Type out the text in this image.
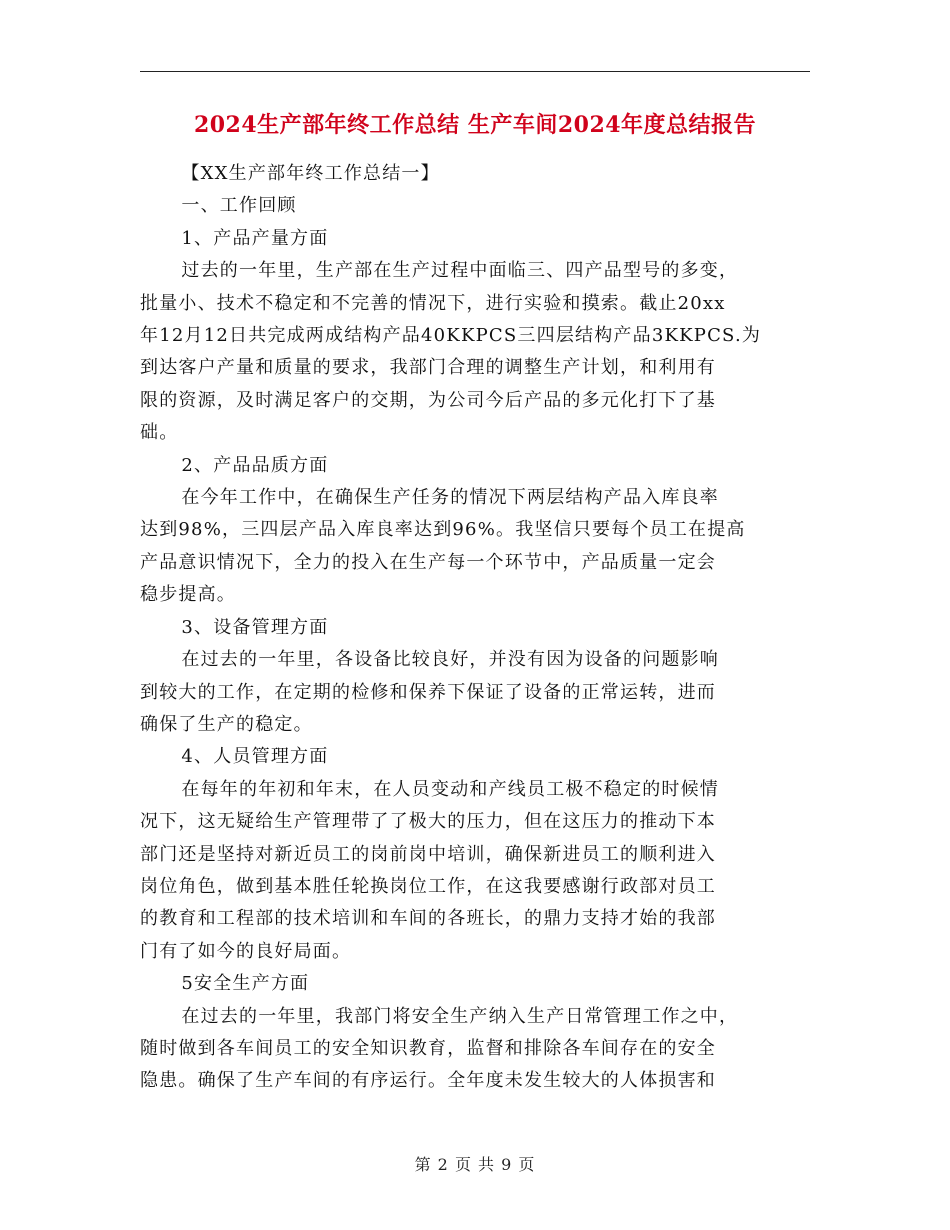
2024生产部年终工作总结 生产车间2024年度总结报告

【XX生产部年终工作总结一】

一、工作回顾

1、产品产量方面

过去的一年里，生产部在生产过程中面临三、四产品型号的多变，

批量小、技术不稳定和不完善的情况下，进行实验和摸索。截止20xx

年12月12日共完成两成结构产品40KKPCS三四层结构产品3KKPCS.为

到达客户产量和质量的要求，我部门合理的调整生产计划，和利用有

限的资源，及时满足客户的交期，为公司今后产品的多元化打下了基

础。

2、产品品质方面

在今年工作中，在确保生产任务的情况下两层结构产品入库良率

达到98%，三四层产品入库良率达到96%。我坚信只要每个员工在提高

产品意识情况下，全力的投入在生产每一个环节中，产品质量一定会

稳步提高。

3、设备管理方面

在过去的一年里，各设备比较良好，并没有因为设备的问题影响

到较大的工作，在定期的检修和保养下保证了设备的正常运转，进而

确保了生产的稳定。

4、人员管理方面

在每年的年初和年末，在人员变动和产线员工极不稳定的时候情

况下，这无疑给生产管理带了了极大的压力，但在这压力的推动下本

部门还是坚持对新近员工的岗前岗中培训，确保新进员工的顺利进入

岗位角色，做到基本胜任轮换岗位工作，在这我要感谢行政部对员工

的教育和工程部的技术培训和车间的各班长，的鼎力支持才始的我部

门有了如今的良好局面。

5安全生产方面

在过去的一年里，我部门将安全生产纳入生产日常管理工作之中，

随时做到各车间员工的安全知识教育，监督和排除各车间存在的安全

隐患。确保了生产车间的有序运行。全年度未发生较大的人体损害和

第 2 页 共 9 页
